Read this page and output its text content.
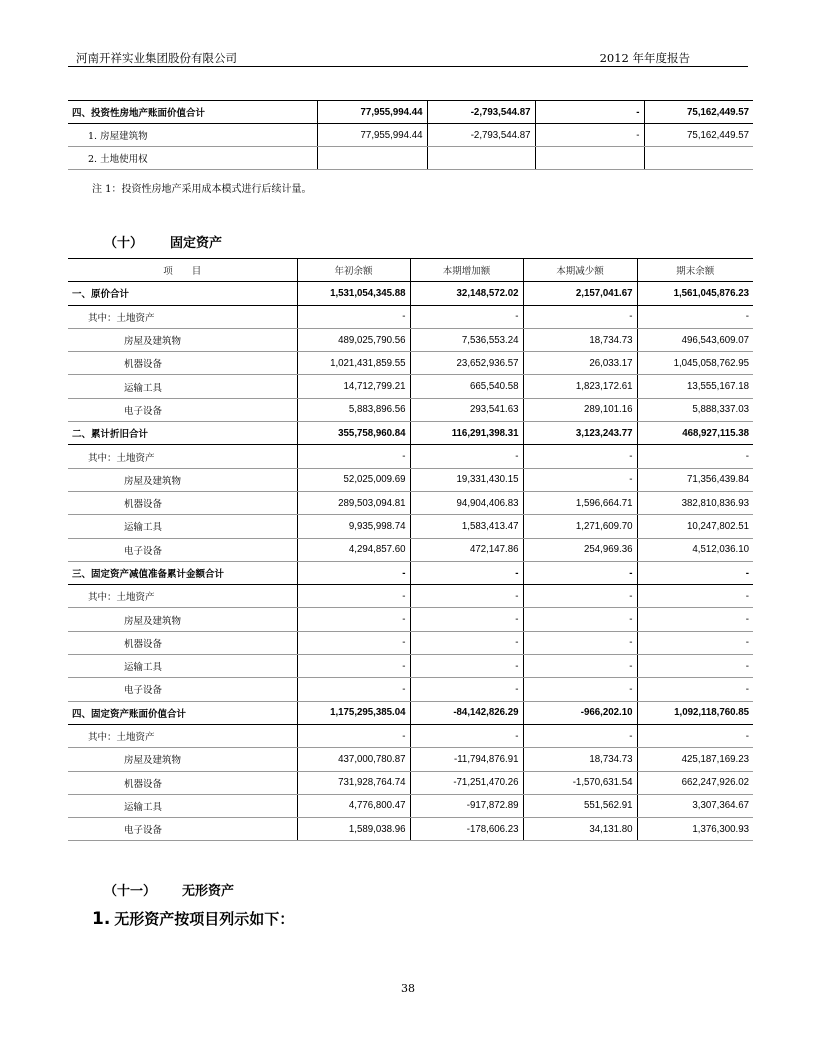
河南开祥实业集团股份有限公司	2012 年年度报告
四、投资性房地产账面价值合计	77,955,994.44	-2,793,544.87	-	75,162,449.57
1. 房屋建筑物	77,955,994.44	-2,793,544.87	-	75,162,449.57
2. 土地使用权				
注 1：投资性房地产采用成本模式进行后续计量。
（十） 固定资产
项　　目	年初余额	本期增加额	本期减少额	期末余额
一、原价合计	1,531,054,345.88	32,148,572.02	2,157,041.67	1,561,045,876.23
其中：土地资产	-	-	-	-
房屋及建筑物	489,025,790.56	7,536,553.24	18,734.73	496,543,609.07
机器设备	1,021,431,859.55	23,652,936.57	26,033.17	1,045,058,762.95
运输工具	14,712,799.21	665,540.58	1,823,172.61	13,555,167.18
电子设备	5,883,896.56	293,541.63	289,101.16	5,888,337.03
二、累计折旧合计	355,758,960.84	116,291,398.31	3,123,243.77	468,927,115.38
其中：土地资产	-	-	-	-
房屋及建筑物	52,025,009.69	19,331,430.15	-	71,356,439.84
机器设备	289,503,094.81	94,904,406.83	1,596,664.71	382,810,836.93
运输工具	9,935,998.74	1,583,413.47	1,271,609.70	10,247,802.51
电子设备	4,294,857.60	472,147.86	254,969.36	4,512,036.10
三、固定资产减值准备累计金额合计	-	-	-	-
其中：土地资产	-	-	-	-
房屋及建筑物	-	-	-	-
机器设备	-	-	-	-
运输工具	-	-	-	-
电子设备	-	-	-	-
四、固定资产账面价值合计	1,175,295,385.04	-84,142,826.29	-966,202.10	1,092,118,760.85
其中：土地资产	-	-	-	-
房屋及建筑物	437,000,780.87	-11,794,876.91	18,734.73	425,187,169.23
机器设备	731,928,764.74	-71,251,470.26	-1,570,631.54	662,247,926.02
运输工具	4,776,800.47	-917,872.89	551,562.91	3,307,364.67
电子设备	1,589,038.96	-178,606.23	34,131.80	1,376,300.93
（十一） 无形资产
1. 无形资产按项目列示如下：
38
